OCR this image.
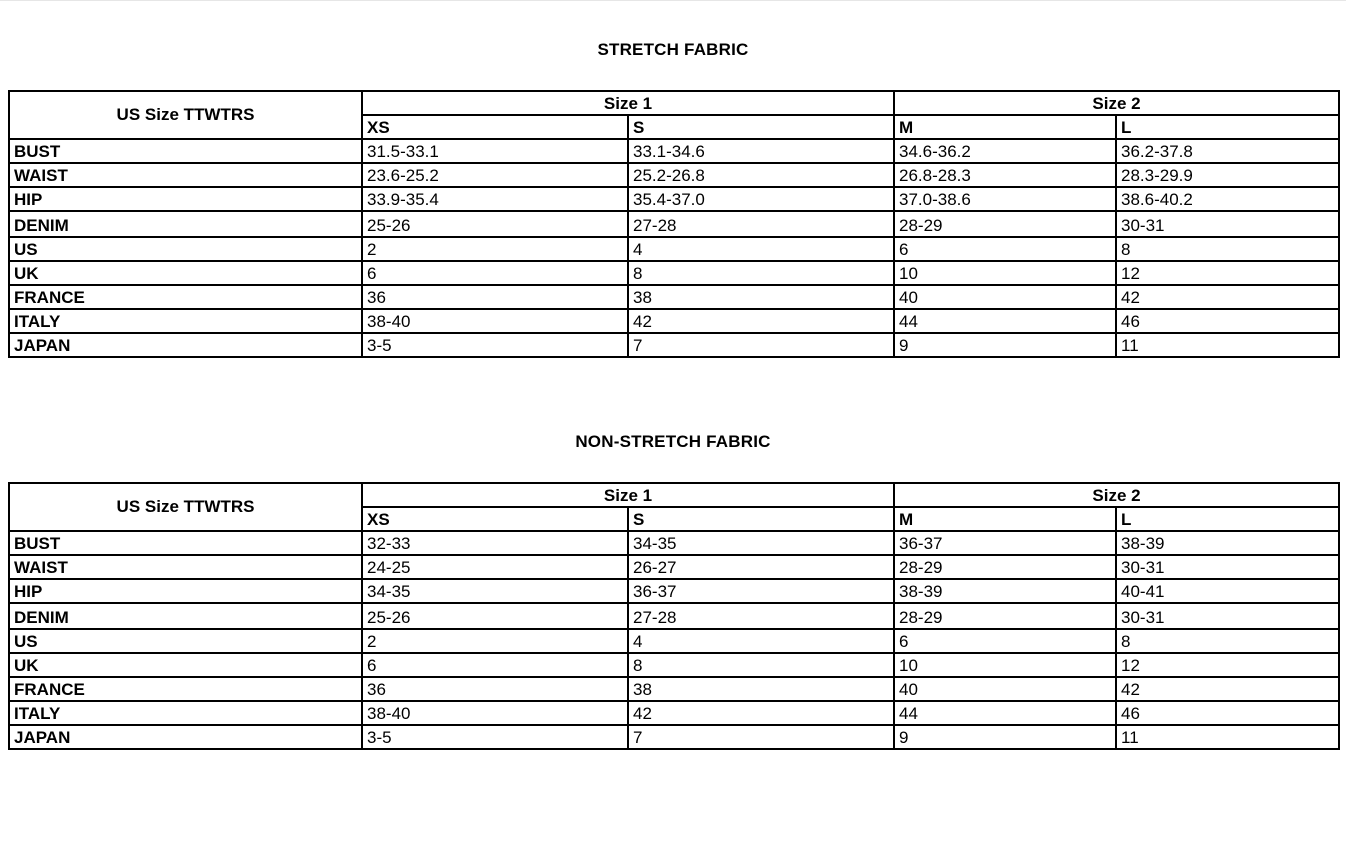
STRETCH FABRIC
US Size TTWTRS	Size 1		Size 2	
	XS	S	M	L
BUST	31.5-33.1	33.1-34.6	34.6-36.2	36.2-37.8
WAIST	23.6-25.2	25.2-26.8	26.8-28.3	28.3-29.9
HIP	33.9-35.4	35.4-37.0	37.0-38.6	38.6-40.2
DENIM	25-26	27-28	28-29	30-31
US	2	4	6	8
UK	6	8	10	12
FRANCE	36	38	40	42
ITALY	38-40	42	44	46
JAPAN	3-5	7	9	11
NON-STRETCH FABRIC
US Size TTWTRS	Size 1		Size 2	
	XS	S	M	L
BUST	32-33	34-35	36-37	38-39
WAIST	24-25	26-27	28-29	30-31
HIP	34-35	36-37	38-39	40-41
DENIM	25-26	27-28	28-29	30-31
US	2	4	6	8
UK	6	8	10	12
FRANCE	36	38	40	42
ITALY	38-40	42	44	46
JAPAN	3-5	7	9	11
